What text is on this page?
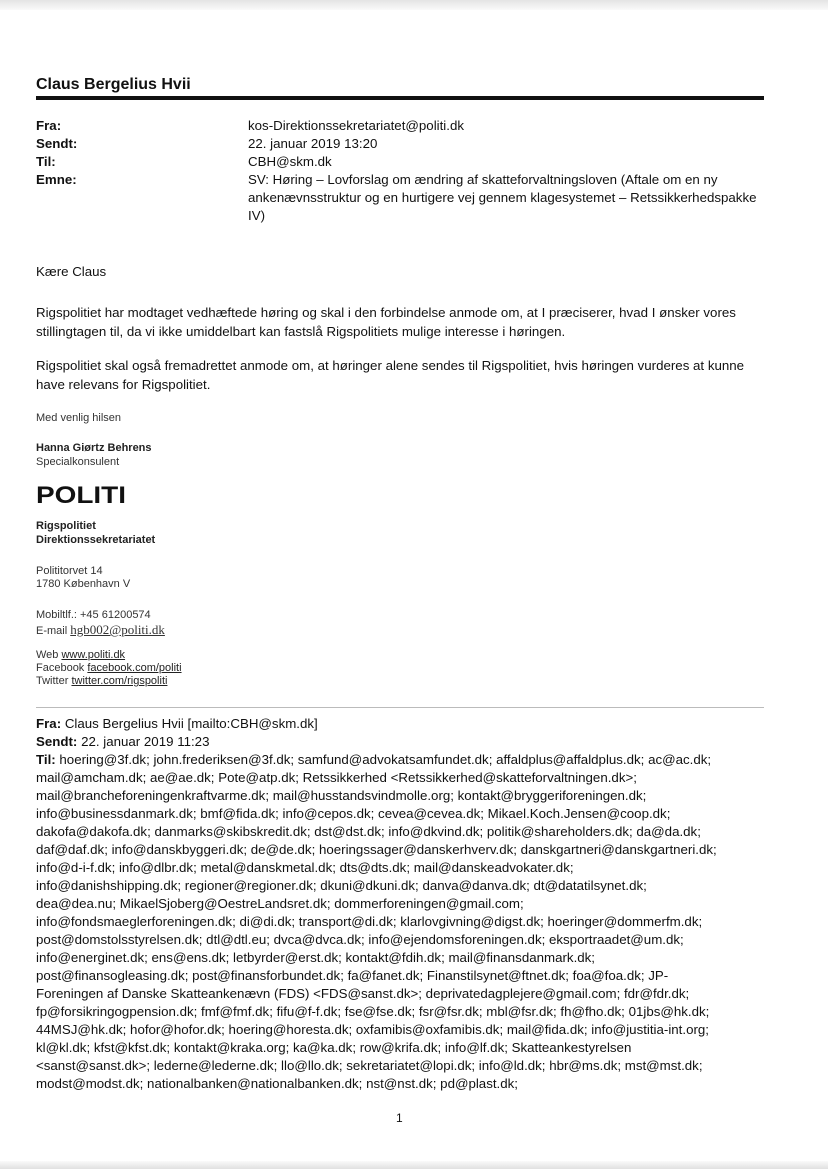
Claus Bergelius Hvii
Fra:	kos-Direktionssekretariatet@politi.dk
Sendt:	22. januar 2019 13:20
Til:	CBH@skm.dk
Emne:	SV: Høring – Lovforslag om ændring af skatteforvaltningsloven (Aftale om en ny ankenævnsstruktur og en hurtigere vej gennem klagesystemet – Retssikkerhedspakke IV)
Kære Claus
Rigspolitiet har modtaget vedhæftede høring og skal i den forbindelse anmode om, at I præciserer, hvad I ønsker vores stillingtagen til, da vi ikke umiddelbart kan fastslå Rigspolitiets mulige interesse i høringen.
Rigspolitiet skal også fremadrettet anmode om, at høringer alene sendes til Rigspolitiet, hvis høringen vurderes at kunne have relevans for Rigspolitiet.
Med venlig hilsen
Hanna Giørtz Behrens
Specialkonsulent
POLITI
Rigspolitiet
Direktionssekretariatet
Polititorvet 14
1780 København V
Mobiltlf.: +45 61200574
E-mail hgb002@politi.dk
Web www.politi.dk
Facebook facebook.com/politi
Twitter twitter.com/rigspoliti
Fra: Claus Bergelius Hvii [mailto:CBH@skm.dk]
Sendt: 22. januar 2019 11:23
Til: hoering@3f.dk; john.frederiksen@3f.dk; samfund@advokatsamfundet.dk; affaldplus@affaldplus.dk; ac@ac.dk;
mail@amcham.dk; ae@ae.dk; Pote@atp.dk; Retssikkerhed <Retssikkerhed@skatteforvaltningen.dk>;
mail@brancheforeningenkraftvarme.dk; mail@husstandsvindmolle.org; kontakt@bryggeriforeningen.dk;
info@businessdanmark.dk; bmf@fida.dk; info@cepos.dk; cevea@cevea.dk; Mikael.Koch.Jensen@coop.dk;
dakofa@dakofa.dk; danmarks@skibskredit.dk; dst@dst.dk; info@dkvind.dk; politik@shareholders.dk; da@da.dk;
daf@daf.dk; info@danskbyggeri.dk; de@de.dk; hoeringssager@danskerhverv.dk; danskgartneri@danskgartneri.dk;
info@d-i-f.dk; info@dlbr.dk; metal@danskmetal.dk; dts@dts.dk; mail@danskeadvokater.dk;
info@danishshipping.dk; regioner@regioner.dk; dkuni@dkuni.dk; danva@danva.dk; dt@datatilsynet.dk;
dea@dea.nu; MikaelSjoberg@OestreLandsret.dk; dommerforeningen@gmail.com;
info@fondsmaeglerforeningen.dk; di@di.dk; transport@di.dk; klarlovgivning@digst.dk; hoeringer@dommerfm.dk;
post@domstolsstyrelsen.dk; dtl@dtl.eu; dvca@dvca.dk; info@ejendomsforeningen.dk; eksportraadet@um.dk;
info@energinet.dk; ens@ens.dk; letbyrder@erst.dk; kontakt@fdih.dk; mail@finansdanmark.dk;
post@finansogleasing.dk; post@finansforbundet.dk; fa@fanet.dk; Finanstilsynet@ftnet.dk; foa@foa.dk; JP-
Foreningen af Danske Skatteankenævn (FDS) <FDS@sanst.dk>; deprivatedagplejere@gmail.com; fdr@fdr.dk;
fp@forsikringogpension.dk; fmf@fmf.dk; fifu@f-f.dk; fse@fse.dk; fsr@fsr.dk; mbl@fsr.dk; fh@fho.dk; 01jbs@hk.dk;
44MSJ@hk.dk; hofor@hofor.dk; hoering@horesta.dk; oxfamibis@oxfamibis.dk; mail@fida.dk; info@justitia-int.org;
kl@kl.dk; kfst@kfst.dk; kontakt@kraka.org; ka@ka.dk; row@krifa.dk; info@lf.dk; Skatteankestyrelsen
<sanst@sanst.dk>; lederne@lederne.dk; llo@llo.dk; sekretariatet@lopi.dk; info@ld.dk; hbr@ms.dk; mst@mst.dk;
modst@modst.dk; nationalbanken@nationalbanken.dk; nst@nst.dk; pd@plast.dk;
1
